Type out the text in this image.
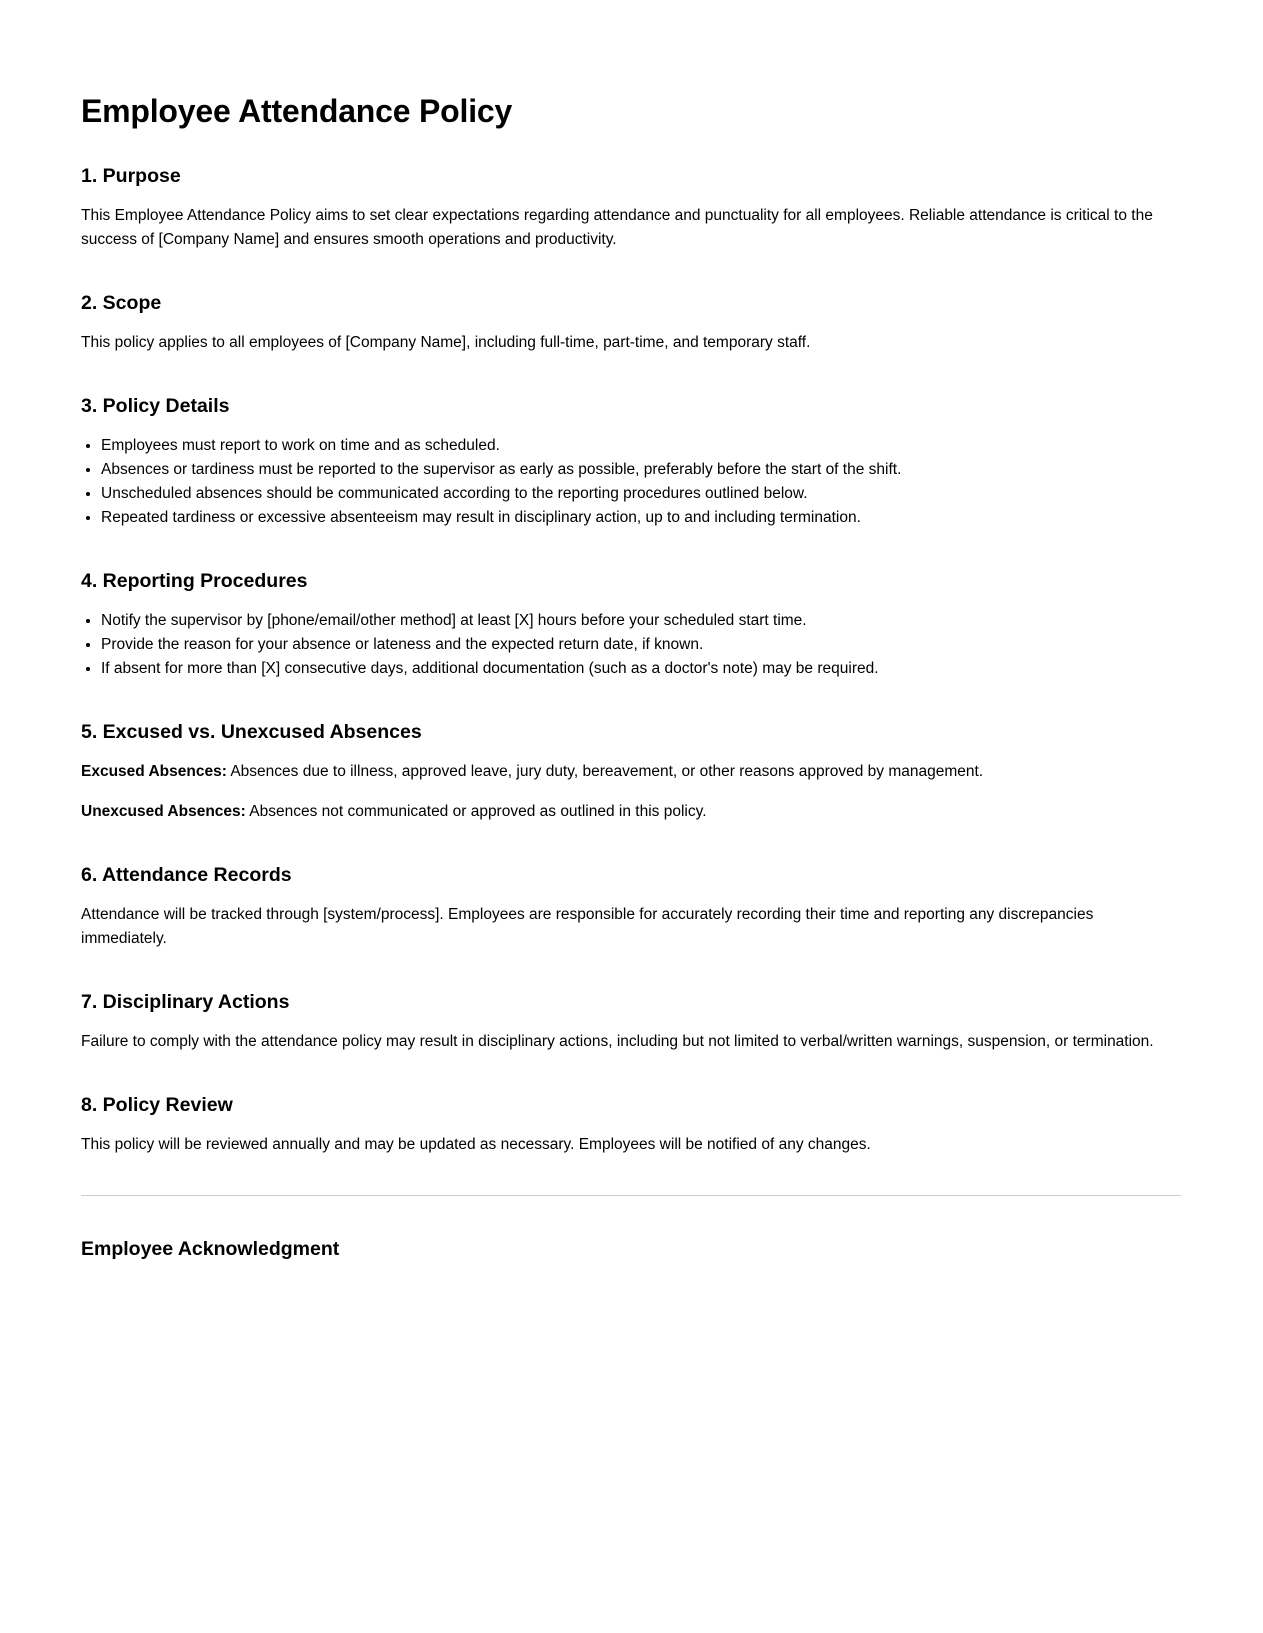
Employee Attendance Policy
1. Purpose

This Employee Attendance Policy aims to set clear expectations regarding attendance and punctuality for all employees. Reliable attendance is critical to the success of [Company Name] and ensures smooth operations and productivity.

2. Scope

This policy applies to all employees of [Company Name], including full-time, part-time, and temporary staff.

3. Policy Details
• Employees must report to work on time and as scheduled.
• Absences or tardiness must be reported to the supervisor as early as possible, preferably before the start of the shift.
• Unscheduled absences should be communicated according to the reporting procedures outlined below.
• Repeated tardiness or excessive absenteeism may result in disciplinary action, up to and including termination.
4. Reporting Procedures
• Notify the supervisor by [phone/email/other method] at least [X] hours before your scheduled start time.
• Provide the reason for your absence or lateness and the expected return date, if known.
• If absent for more than [X] consecutive days, additional documentation (such as a doctor's note) may be required.
5. Excused vs. Unexcused Absences

Excused Absences: Absences due to illness, approved leave, jury duty, bereavement, or other reasons approved by management.

Unexcused Absences: Absences not communicated or approved as outlined in this policy.

6. Attendance Records

Attendance will be tracked through [system/process]. Employees are responsible for accurately recording their time and reporting any discrepancies immediately.

7. Disciplinary Actions

Failure to comply with the attendance policy may result in disciplinary actions, including but not limited to verbal/written warnings, suspension, or termination.

8. Policy Review

This policy will be reviewed annually and may be updated as necessary. Employees will be notified of any changes.

Employee Acknowledgment
